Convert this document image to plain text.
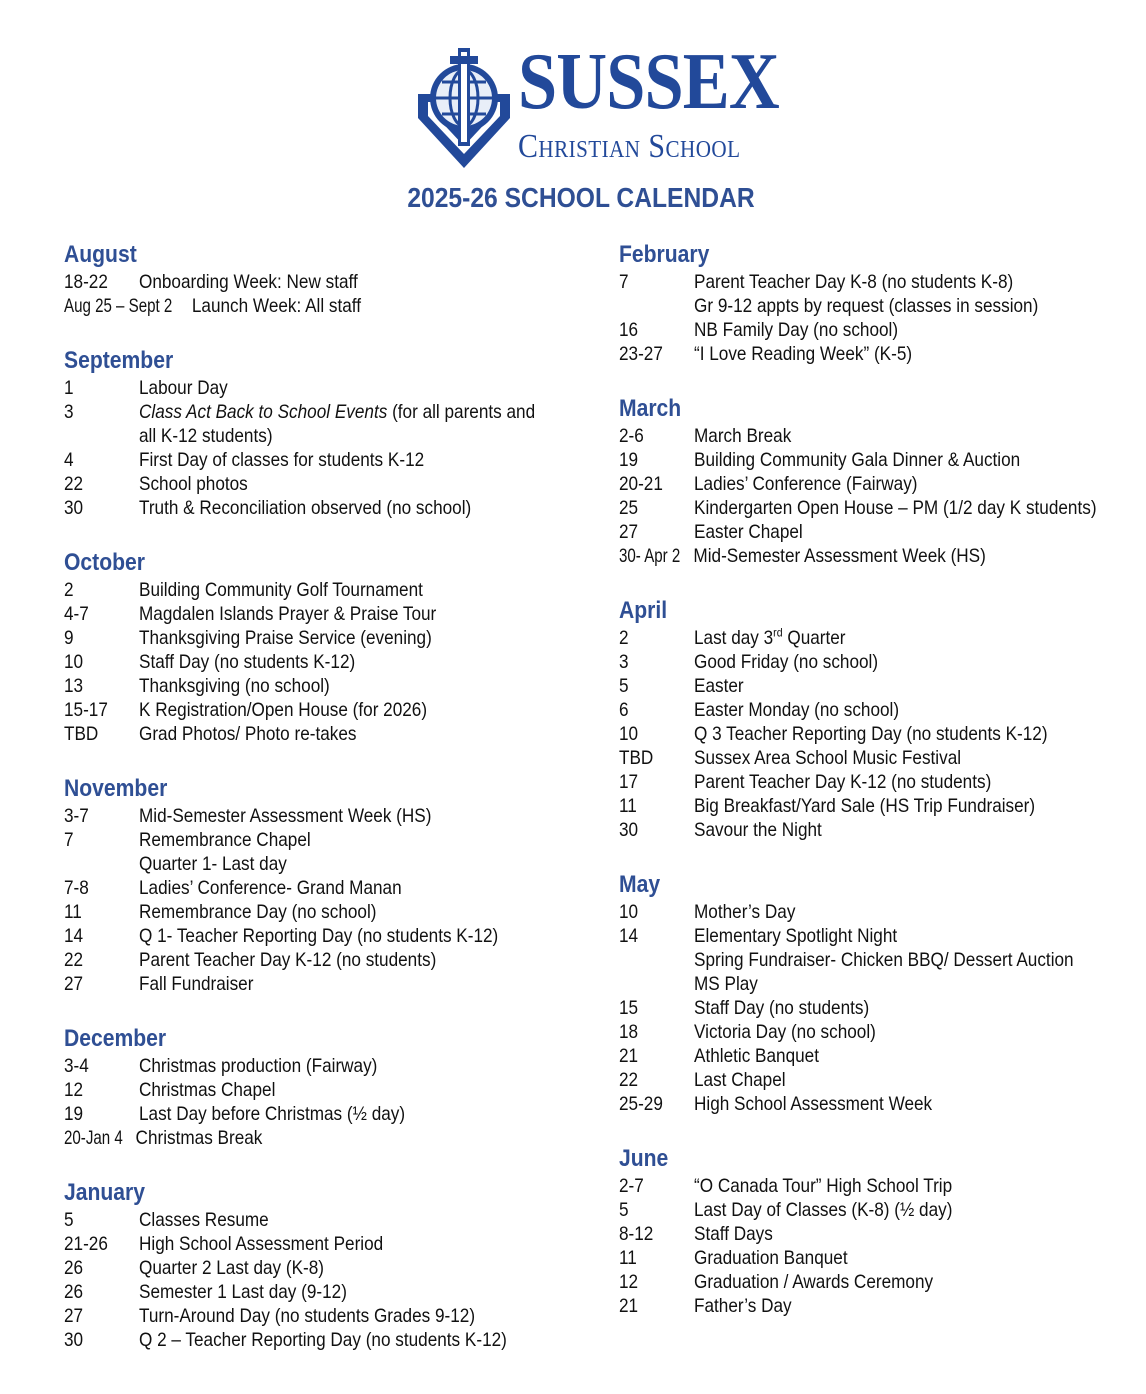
SUSSEX
Christian School
2025-26 SCHOOL CALENDAR
August
18-22 Onboarding Week: New staff
Aug 25 – Sept 2 Launch Week: All staff
September
1	Labour Day
3	Class Act Back to School Events (for all parents and
all K-12 students)
4	First Day of classes for students K-12
22	School photos
30	Truth & Reconciliation observed (no school)
October
2	Building Community Golf Tournament
4-7	Magdalen Islands Prayer & Praise Tour
9	Thanksgiving Praise Service (evening)
10	Staff Day (no students K-12)
13	Thanksgiving (no school)
15-17 K Registration/Open House (for 2026)
TBD Grad Photos/ Photo re-takes
November
3-7	Mid-Semester Assessment Week (HS)
7	Remembrance Chapel
Quarter 1- Last day
7-8	Ladies’ Conference- Grand Manan
11	Remembrance Day (no school)
14	Q 1- Teacher Reporting Day (no students K-12)
22	Parent Teacher Day K-12 (no students)
27	Fall Fundraiser
December
3-4	Christmas production (Fairway)
12	Christmas Chapel
19	Last Day before Christmas (½ day)
20-Jan 4 Christmas Break
January
5	Classes Resume
21-26 High School Assessment Period
26	Quarter 2 Last day (K-8)
26	Semester 1 Last day (9-12)
27	Turn-Around Day (no students Grades 9-12)
30	Q 2 – Teacher Reporting Day (no students K-12)
February
7	Parent Teacher Day K-8 (no students K-8)
Gr 9-12 appts by request (classes in session)
16	NB Family Day (no school)
23-27 “I Love Reading Week” (K-5)
March
2-6	March Break
19	Building Community Gala Dinner & Auction
20-21 Ladies’ Conference (Fairway)
25	Kindergarten Open House – PM (1/2 day K students)
27	Easter Chapel
30- Apr 2 Mid-Semester Assessment Week (HS)
April
2	Last day 3rd Quarter
3	Good Friday (no school)
5	Easter
6	Easter Monday (no school)
10	Q 3 Teacher Reporting Day (no students K-12)
TBD Sussex Area School Music Festival
17	Parent Teacher Day K-12 (no students)
11	Big Breakfast/Yard Sale (HS Trip Fundraiser)
30	Savour the Night
May
10	Mother’s Day
14	Elementary Spotlight Night
Spring Fundraiser- Chicken BBQ/ Dessert Auction
MS Play
15	Staff Day (no students)
18	Victoria Day (no school)
21	Athletic Banquet
22	Last Chapel
25-29 High School Assessment Week
June
2-7	“O Canada Tour” High School Trip
5	Last Day of Classes (K-8) (½ day)
8-12 Staff Days
11	Graduation Banquet
12	Graduation / Awards Ceremony
21	Father’s Day
